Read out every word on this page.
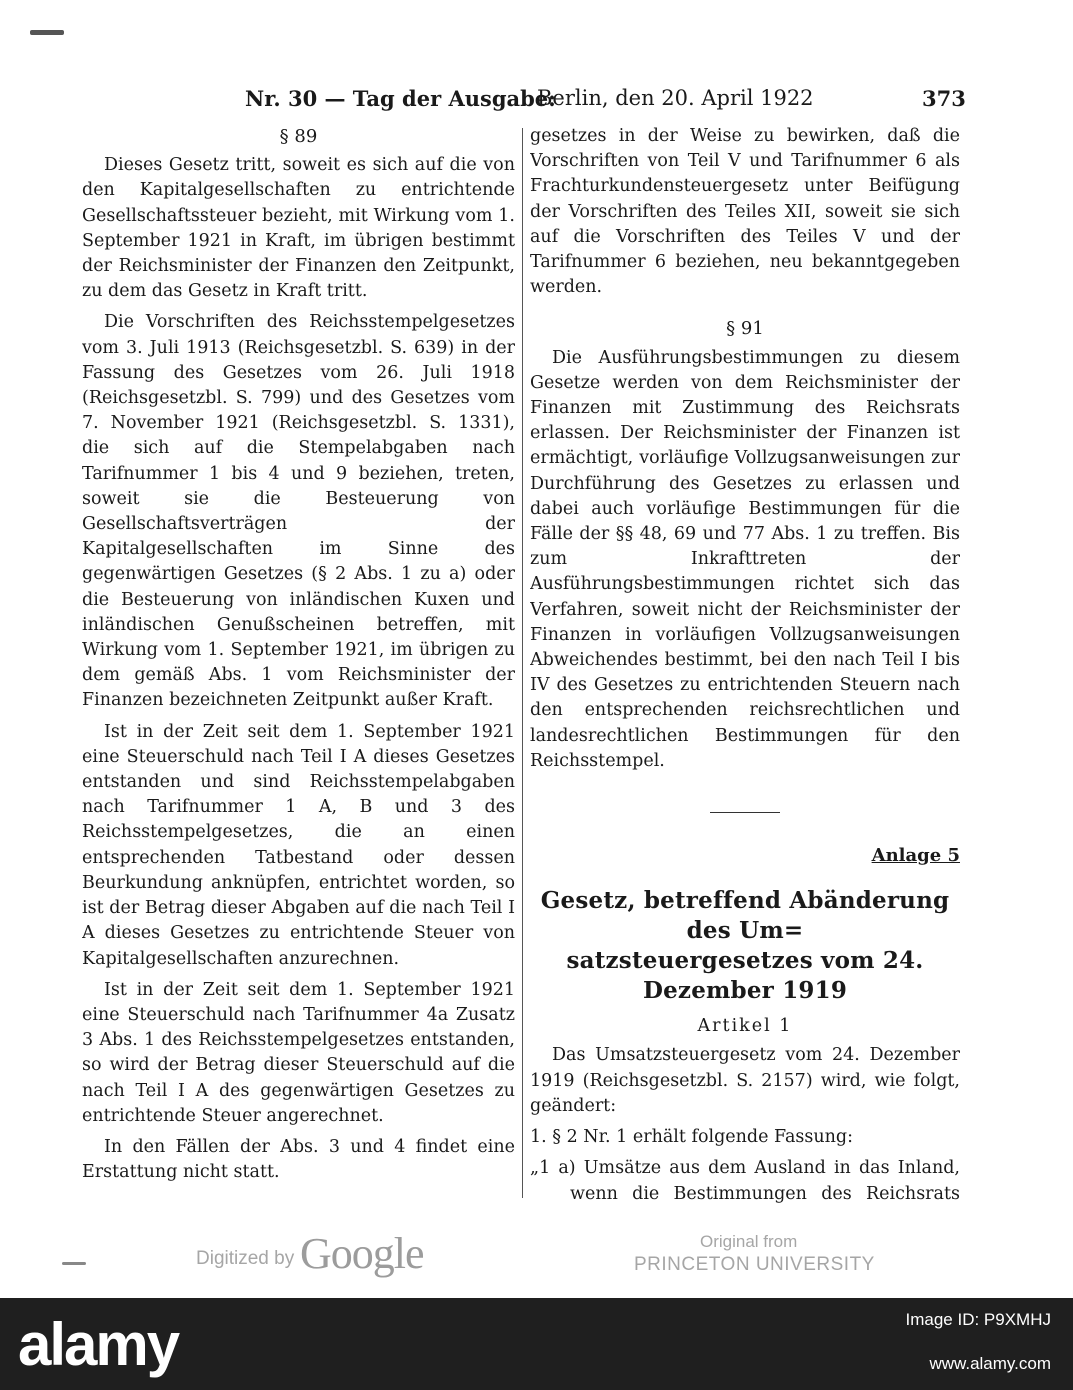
Nr. 30 — Tag der Ausgabe:
Berlin, den 20. April 1922	373
§ 89

Dieses Gesetz tritt, soweit es sich auf die von den Kapitalgesellschaften zu entrichtende Gesellschaftssteuer bezieht, mit Wirkung vom 1. September 1921 in Kraft, im übrigen bestimmt der Reichsminister der Finanzen den Zeitpunkt, zu dem das Gesetz in Kraft tritt.

Die Vorschriften des Reichsstempelgesetzes vom 3. Juli 1913 (Reichsgesetzbl. S. 639) in der Fassung des Gesetzes vom 26. Juli 1918 (Reichsgesetzbl. S. 799) und des Gesetzes vom 7. November 1921 (Reichsgesetzbl. S. 1331), die sich auf die Stempelabgaben nach Tarifnummer 1 bis 4 und 9 beziehen, treten, soweit sie die Besteuerung von Gesellschaftsverträgen der Kapitalgesellschaften im Sinne des gegenwärtigen Gesetzes (§ 2 Abs. 1 zu a) oder die Besteuerung von inländischen Kuxen und inländischen Genußscheinen betreffen, mit Wirkung vom 1. September 1921, im übrigen zu dem gemäß Abs. 1 vom Reichsminister der Finanzen bezeichneten Zeitpunkt außer Kraft.

Ist in der Zeit seit dem 1. September 1921 eine Steuerschuld nach Teil I A dieses Gesetzes entstanden und sind Reichsstempelabgaben nach Tarifnummer 1 A, B und 3 des Reichsstempelgesetzes, die an einen entsprechenden Tatbestand oder dessen Beurkundung anknüpfen, entrichtet worden, so ist der Betrag dieser Abgaben auf die nach Teil I A dieses Gesetzes zu entrichtende Steuer von Kapitalgesellschaften anzurechnen.

Ist in der Zeit seit dem 1. September 1921 eine Steuerschuld nach Tarifnummer 4a Zusatz 3 Abs. 1 des Reichsstempelgesetzes entstanden, so wird der Betrag dieser Steuerschuld auf die nach Teil I A des gegenwärtigen Gesetzes zu entrichtende Steuer angerechnet.

In den Fällen der Abs. 3 und 4 findet eine Erstattung nicht statt.

gesetzes in der Weise zu bewirken, daß die Vorschriften von Teil V und Tarifnummer 6 als Frachturkundensteuergesetz unter Beifügung der Vorschriften des Teiles XII, soweit sie sich auf die Vorschriften des Teiles V und der Tarifnummer 6 beziehen, neu bekanntgegeben werden.

§ 91

Die Ausführungsbestimmungen zu diesem Gesetze werden von dem Reichsminister der Finanzen mit Zustimmung des Reichsrats erlassen. Der Reichsminister der Finanzen ist ermächtigt, vorläufige Vollzugsanweisungen zur Durchführung des Gesetzes zu erlassen und dabei auch vorläufige Bestimmungen für die Fälle der §§ 48, 69 und 77 Abs. 1 zu treffen. Bis zum Inkrafttreten der Ausführungsbestimmungen richtet sich das Verfahren, soweit nicht der Reichsminister der Finanzen in vorläufigen Vollzugsanweisungen Abweichendes bestimmt, bei den nach Teil I bis IV des Gesetzes zu entrichtenden Steuern nach den entsprechenden reichsrechtlichen und landesrechtlichen Bestimmungen für den Reichsstempel.

Anlage 5
Gesetz, betreffend Abänderung des Um=
satzsteuergesetzes vom 24. Dezember 1919
Artikel 1

Das Umsatzsteuergesetz vom 24. Dezember 1919 (Reichsgesetzbl. S. 2157) wird, wie folgt, geändert:

1. § 2 Nr. 1 erhält folgende Fassung:

„1 a) Umsätze aus dem Ausland in das Inland, wenn die Bestimmungen des Reichsrats

Digitized by Google	Original from
PRINCETON UNIVERSITY
alamy	Image ID: P9XMHJ
www.alamy.com
